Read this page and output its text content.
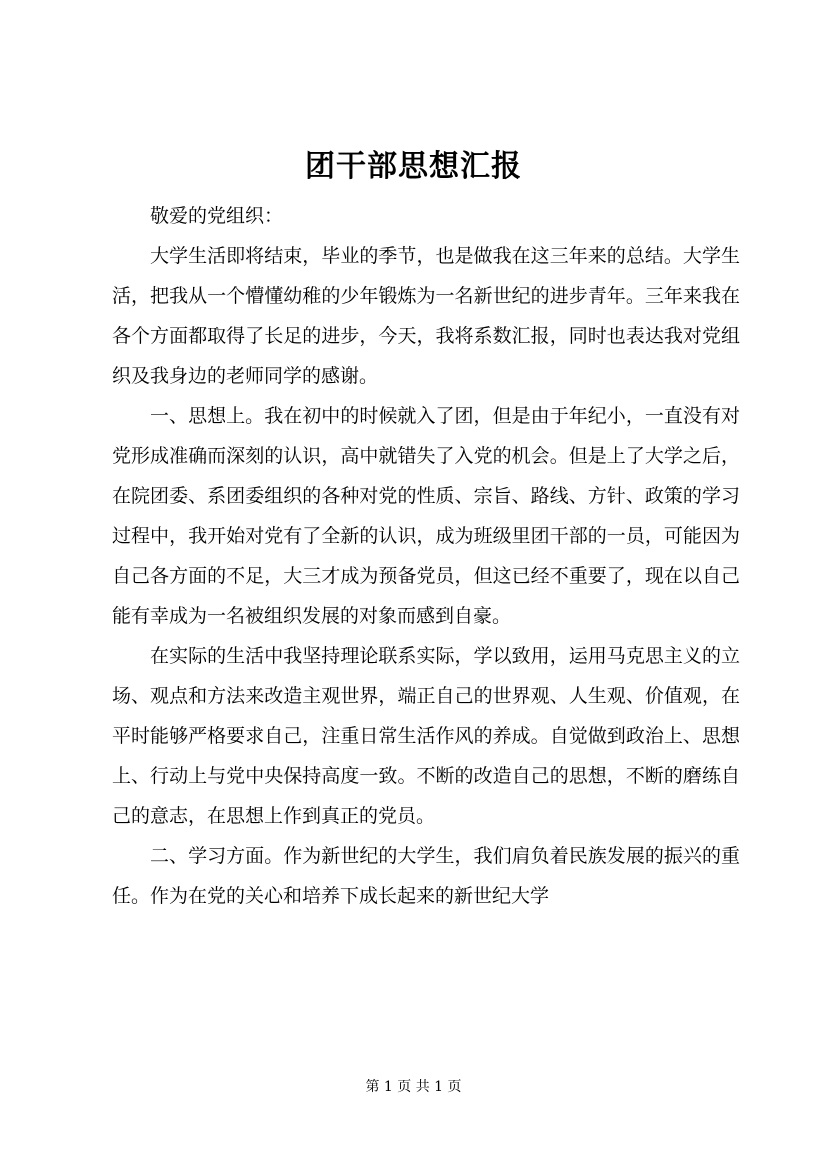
团干部思想汇报

敬爱的党组织：

大学生活即将结束，毕业的季节，也是做我在这三年来的总结。大学生活，把我从一个懵懂幼稚的少年锻炼为一名新世纪的进步青年。三年来我在各个方面都取得了长足的进步，今天，我将系数汇报，同时也表达我对党组织及我身边的老师同学的感谢。

一、思想上。我在初中的时候就入了团，但是由于年纪小，一直没有对党形成准确而深刻的认识，高中就错失了入党的机会。但是上了大学之后，在院团委、系团委组织的各种对党的性质、宗旨、路线、方针、政策的学习过程中，我开始对党有了全新的认识，成为班级里团干部的一员，可能因为自己各方面的不足，大三才成为预备党员，但这已经不重要了，现在以自己能有幸成为一名被组织发展的对象而感到自豪。

在实际的生活中我坚持理论联系实际，学以致用，运用马克思主义的立场、观点和方法来改造主观世界，端正自己的世界观、人生观、价值观，在平时能够严格要求自己，注重日常生活作风的养成。自觉做到政治上、思想上、行动上与党中央保持高度一致。不断的改造自己的思想，不断的磨练自己的意志，在思想上作到真正的党员。

二、学习方面。作为新世纪的大学生，我们肩负着民族发展的振兴的重任。作为在党的关心和培养下成长起来的新世纪大学

第 1 页 共 1 页
